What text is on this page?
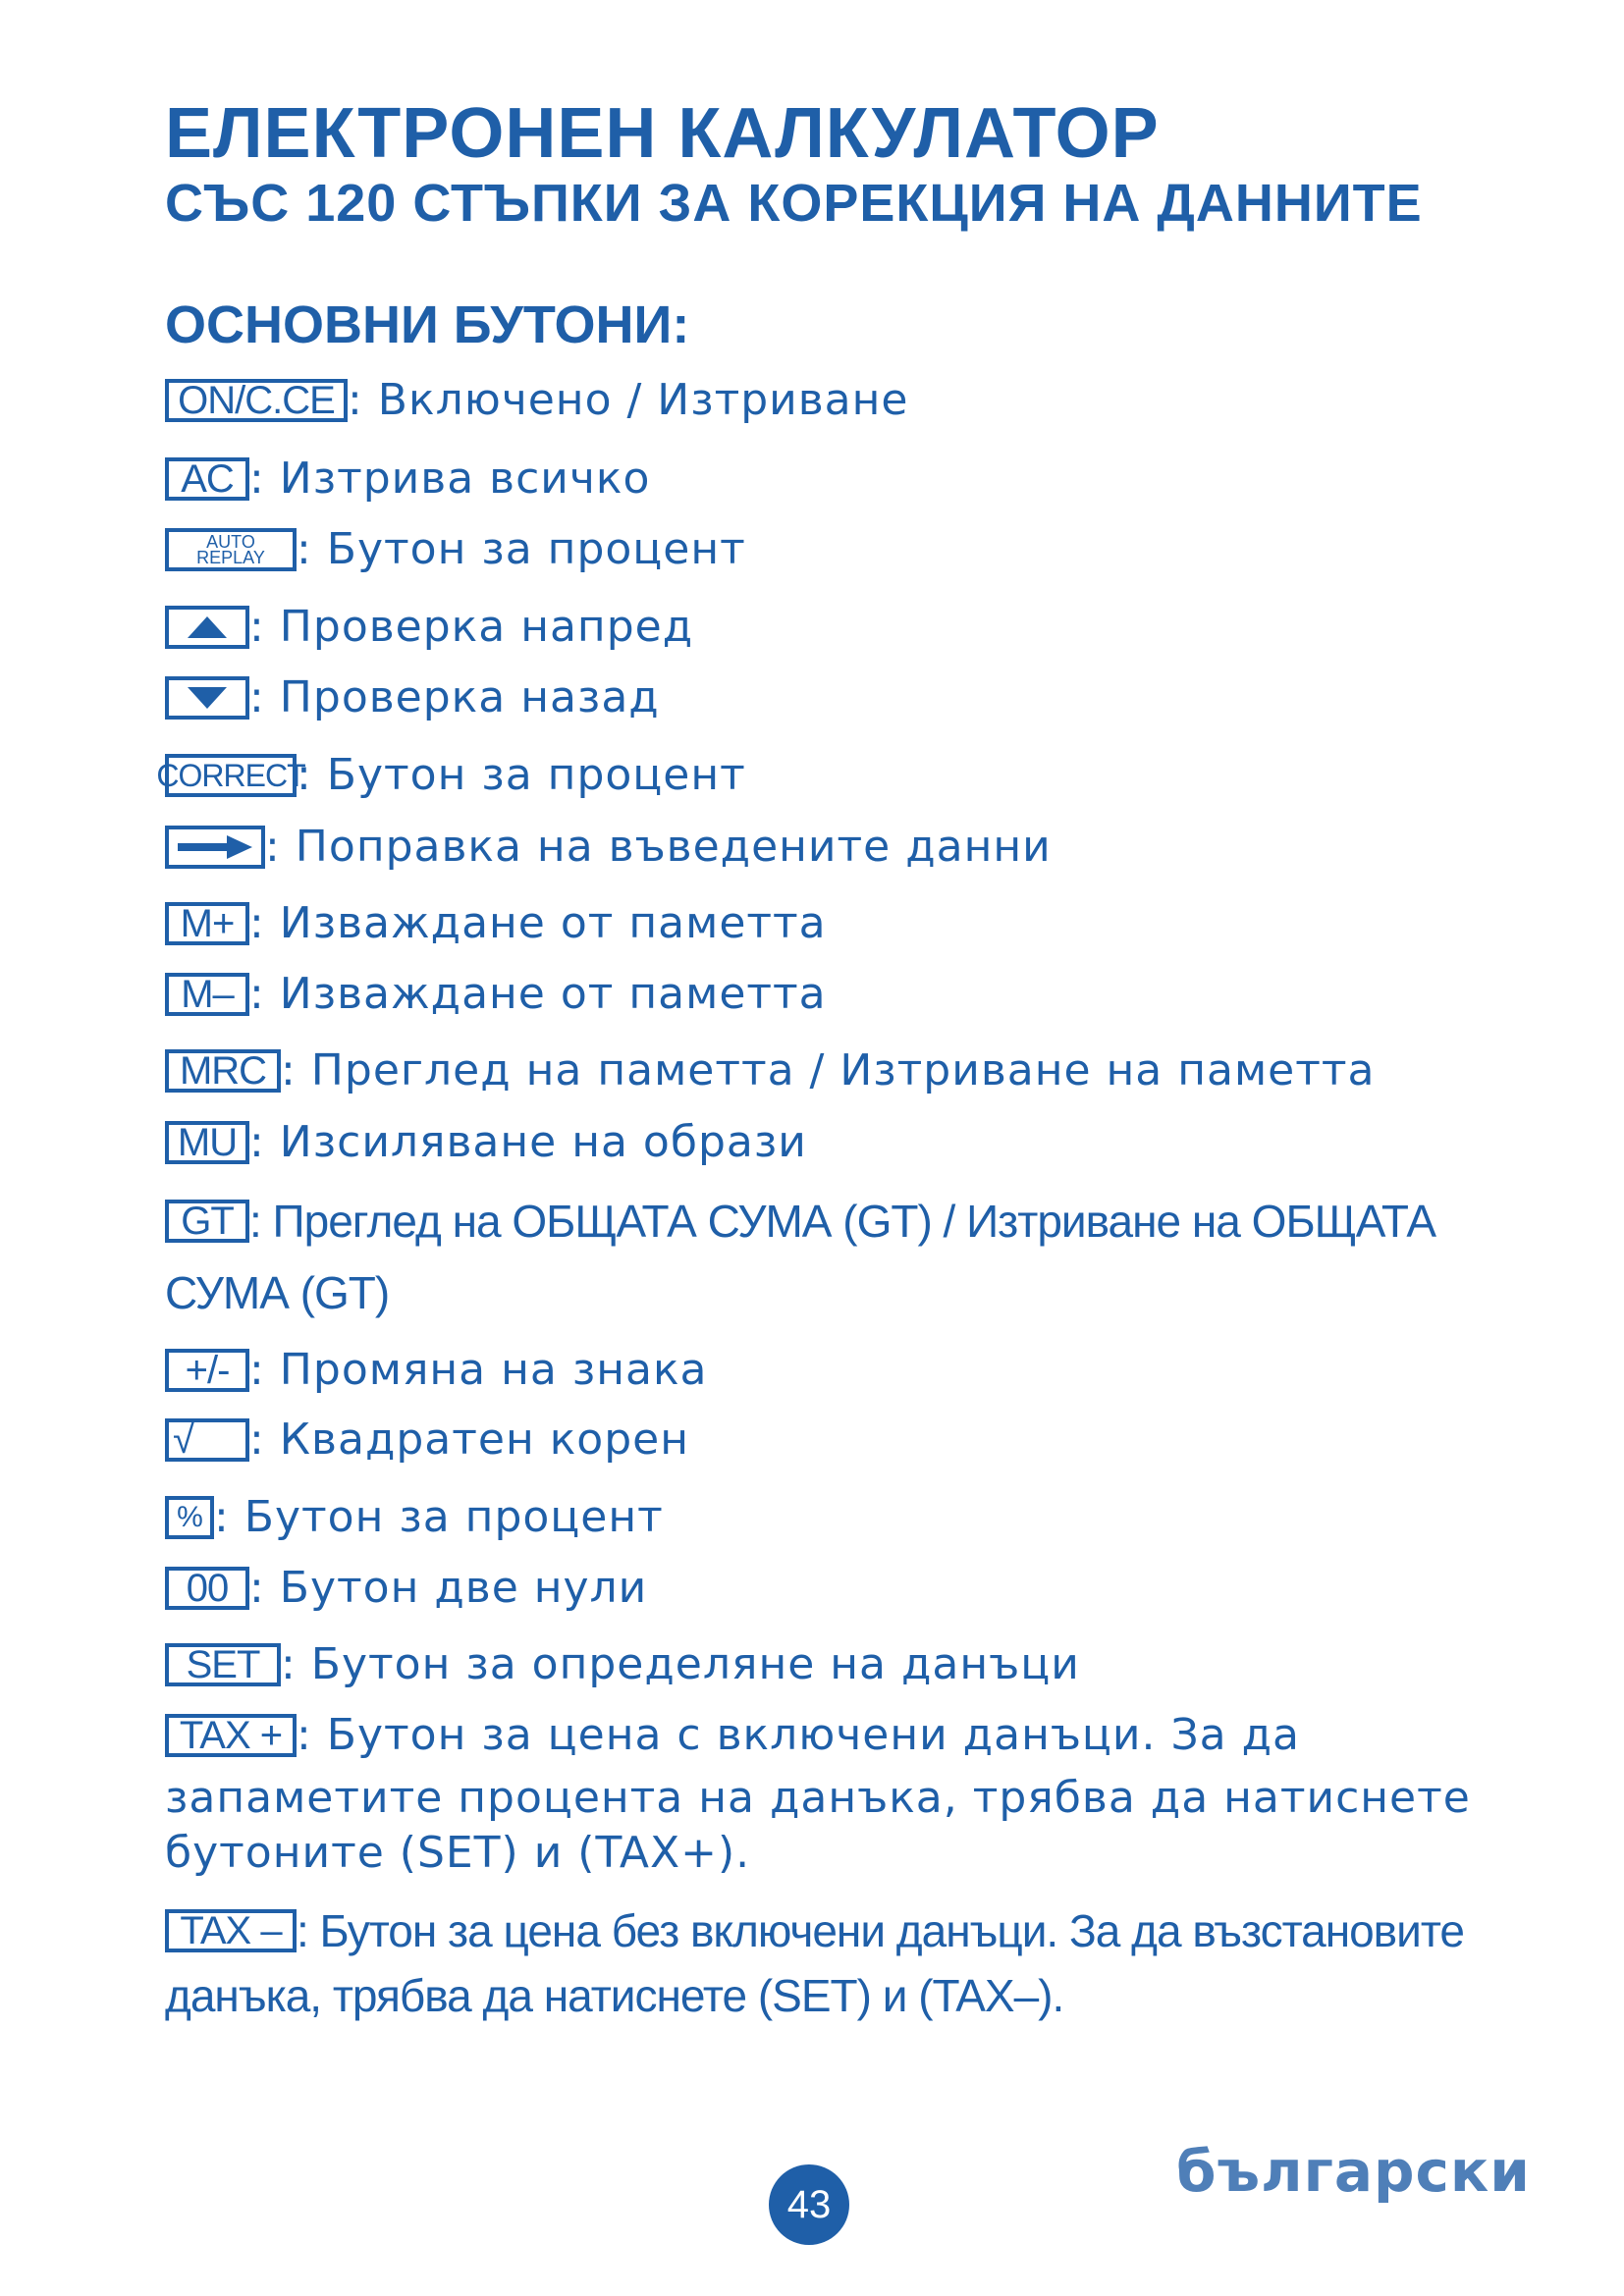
ЕЛЕКТРОНЕН КАЛКУЛАТОР
СЪС 120 СТЪПКИ ЗА КОРЕКЦИЯ НА ДАННИТЕ
ОСНОВНИ БУТОНИ:
ON/C.CE : Включено / Изтриване
AC : Изтрива всичко
AUTO
REPLAY : Бутон за процент
: Проверка напред
: Проверка назад
CORRECT
: Бутон за процент
: Поправка на въведените данни
M+ : Изваждане от паметта
M– : Изваждане от паметта
MRC : Преглед на паметта / Изтриване на паметта
MU : Изсиляване на образи
GT : Преглед на ОБЩАТА СУМА (GT) / Изтриване на ОБЩАТА
СУМА (GT)
+/- : Промяна на знака
√	: Квадратен корен
% : Бутон за процент
00 : Бутон две нули
SET : Бутон за определяне на данъци
TAX + : Бутон за цена с включени данъци. За да
запаметите процента на данъка, трябва да натиснете
бутоните (SET) и (TAX+).
TAX – : Бутон за цена без включени данъци. За да възстановите
данъка, трябва да натиснете (SET) и (TAX–).
43	български
